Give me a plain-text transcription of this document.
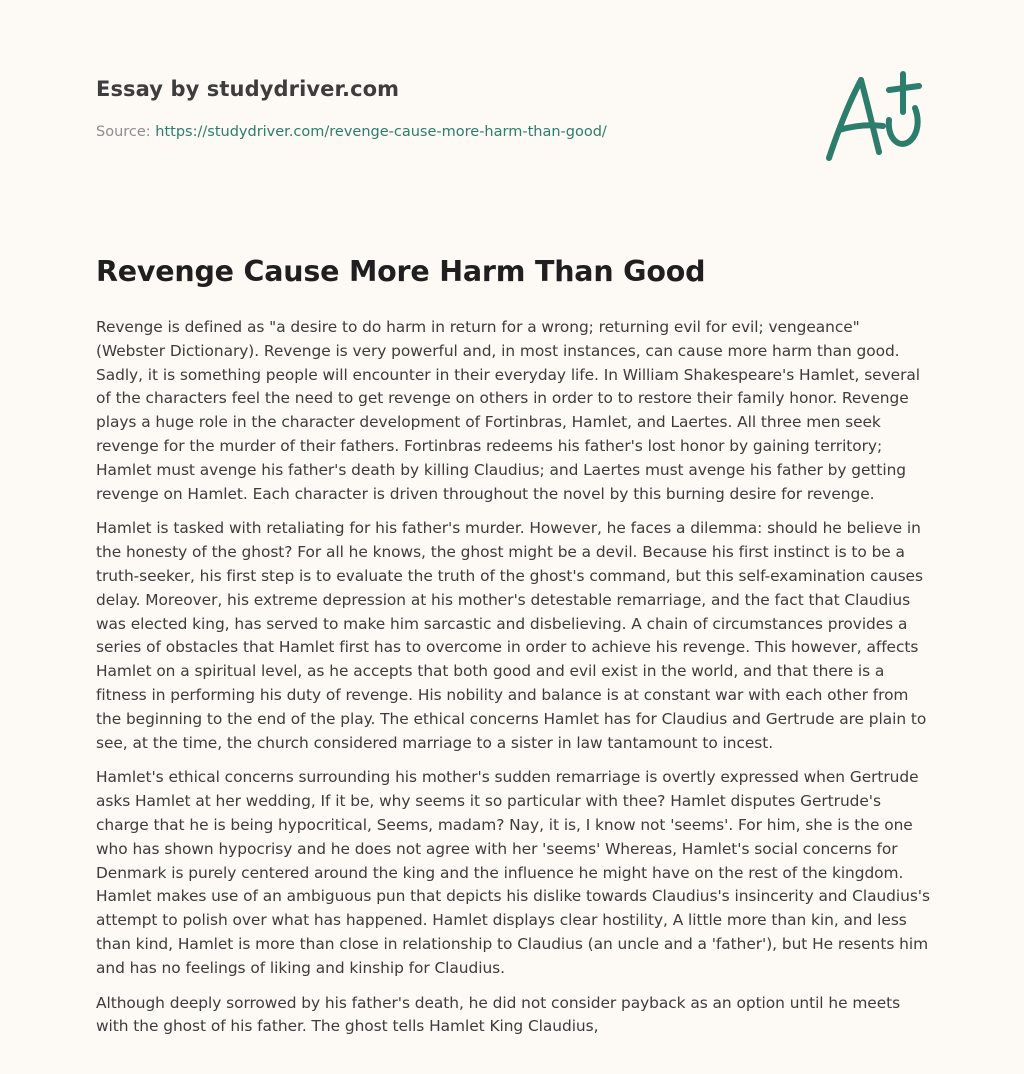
Essay by studydriver.com
Source: https://studydriver.com/revenge-cause-more-harm-than-good/
Revenge Cause More Harm Than Good

Revenge is defined as "a desire to do harm in return for a wrong; returning evil for evil; vengeance" (Webster Dictionary). Revenge is very powerful and, in most instances, can cause more harm than good. Sadly, it is something people will encounter in their everyday life. In William Shakespeare's Hamlet, several of the characters feel the need to get revenge on others in order to to restore their family honor. Revenge plays a huge role in the character development of Fortinbras, Hamlet, and Laertes. All three men seek revenge for the murder of their fathers. Fortinbras redeems his father's lost honor by gaining territory; Hamlet must avenge his father's death by killing Claudius; and Laertes must avenge his father by getting revenge on Hamlet. Each character is driven throughout the novel by this burning desire for revenge.

Hamlet is tasked with retaliating for his father's murder. However, he faces a dilemma: should he believe in the honesty of the ghost? For all he knows, the ghost might be a devil. Because his first instinct is to be a truth-seeker, his first step is to evaluate the truth of the ghost's command, but this self-examination causes delay. Moreover, his extreme depression at his mother's detestable remarriage, and the fact that Claudius was elected king, has served to make him sarcastic and disbelieving. A chain of circumstances provides a series of obstacles that Hamlet first has to overcome in order to achieve his revenge. This however, affects Hamlet on a spiritual level, as he accepts that both good and evil exist in the world, and that there is a fitness in performing his duty of revenge. His nobility and balance is at constant war with each other from the beginning to the end of the play. The ethical concerns Hamlet has for Claudius and Gertrude are plain to see, at the time, the church considered marriage to a sister in law tantamount to incest.

Hamlet's ethical concerns surrounding his mother's sudden remarriage is overtly expressed when Gertrude asks Hamlet at her wedding, If it be, why seems it so particular with thee? Hamlet disputes Gertrude's charge that he is being hypocritical, Seems, madam? Nay, it is, I know not 'seems'. For him, she is the one who has shown hypocrisy and he does not agree with her 'seems' Whereas, Hamlet's social concerns for Denmark is purely centered around the king and the influence he might have on the rest of the kingdom. Hamlet makes use of an ambiguous pun that depicts his dislike towards Claudius's insincerity and Claudius's attempt to polish over what has happened. Hamlet displays clear hostility, A little more than kin, and less than kind, Hamlet is more than close in relationship to Claudius (an uncle and a 'father'), but He resents him and has no feelings of liking and kinship for Claudius.

Although deeply sorrowed by his father's death, he did not consider payback as an option until he meets with the ghost of his father. The ghost tells Hamlet King Claudius,
